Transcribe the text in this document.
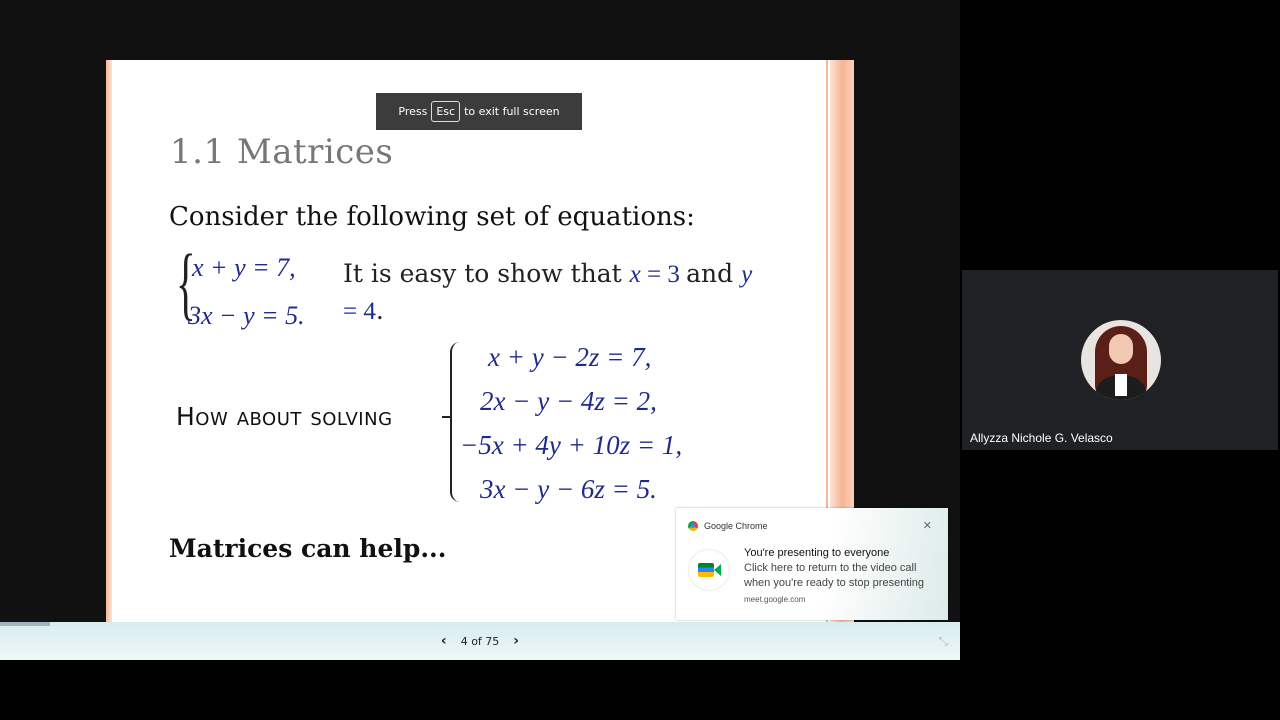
1.1 Matrices
Consider the following set of equations:
{
x + y = 7,
3x − y = 5.
It is easy to show that x = 3 and y
= 4.
How about solving
x + y − 2z = 7,
2x − y − 4z = 2,
−5x + 4y + 10z = 1,
3x − y − 6z = 5.
Matrices can help...
Press Esc to exit full screen
‹ 4 of 75 ›	⤡
Allyzza Nichole G. Velasco
Google Chrome	✕
You're presenting to everyone
Click here to return to the video call when you're ready to stop presenting
meet.google.com
